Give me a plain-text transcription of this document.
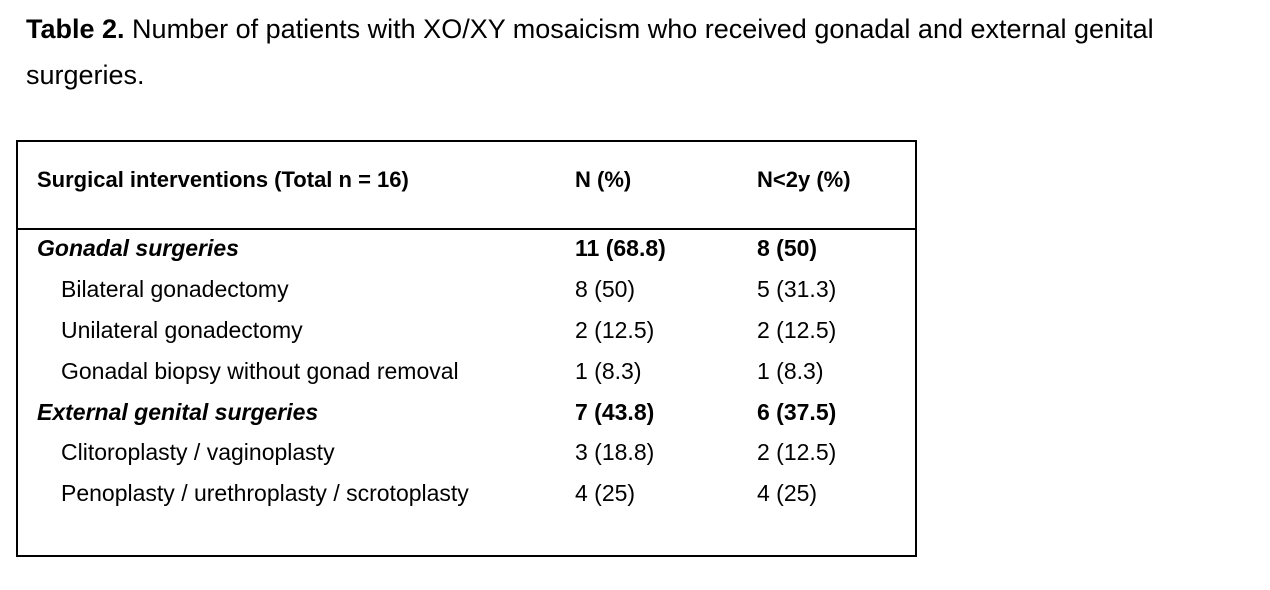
Table 2. Number of patients with XO/XY mosaicism who received gonadal and external genital surgeries.
Surgical interventions (Total n = 16)	N (%)	N<2y (%)
Gonadal surgeries	11 (68.8)	8 (50)
Bilateral gonadectomy	8 (50)	5 (31.3)
Unilateral gonadectomy	2 (12.5)	2 (12.5)
Gonadal biopsy without gonad removal	1 (8.3)	1 (8.3)
External genital surgeries	7 (43.8)	6 (37.5)
Clitoroplasty / vaginoplasty	3 (18.8)	2 (12.5)
Penoplasty / urethroplasty / scrotoplasty	4 (25)	4 (25)
